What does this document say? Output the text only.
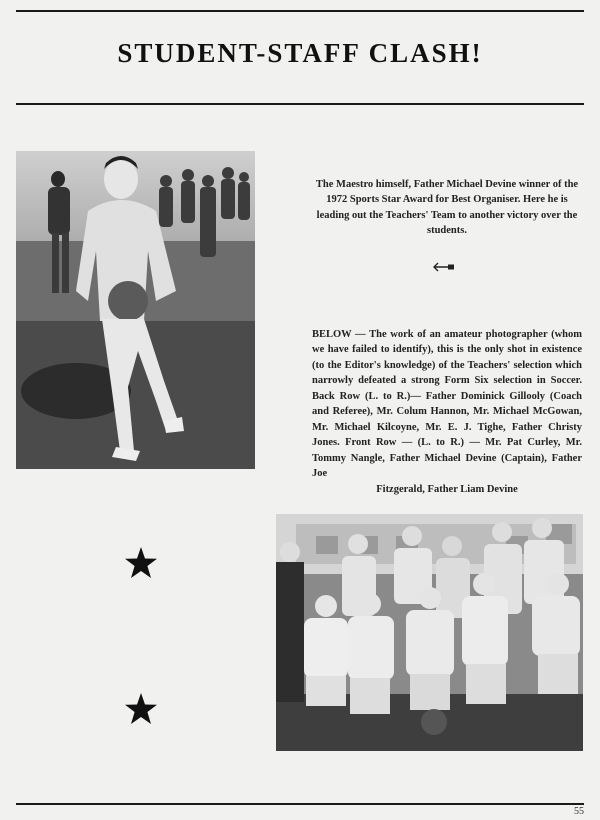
STUDENT-STAFF CLASH!

The Maestro himself, Father Michael Devine winner of the 1972 Sports Star Award for Best Organiser. Here he is leading out the Teachers' Team to another victory over the students.

BELOW — The work of an amateur photographer (whom we have failed to identify), this is the only shot in existence (to the Editor's knowledge) of the Teachers' selection which narrowly defeated a strong Form Six selection in Soccer. Back Row (L. to R.)— Father Dominick Gillooly (Coach and Referee), Mr. Colum Hannon, Mr. Michael McGowan, Mr. Michael Kilcoyne, Mr. E. J. Tighe, Father Christy Jones. Front Row — (L. to R.) — Mr. Pat Curley, Mr. Tommy Nangle, Father Michael Devine (Captain), Father Joe
Fitzgerald, Father Liam Devine

55
